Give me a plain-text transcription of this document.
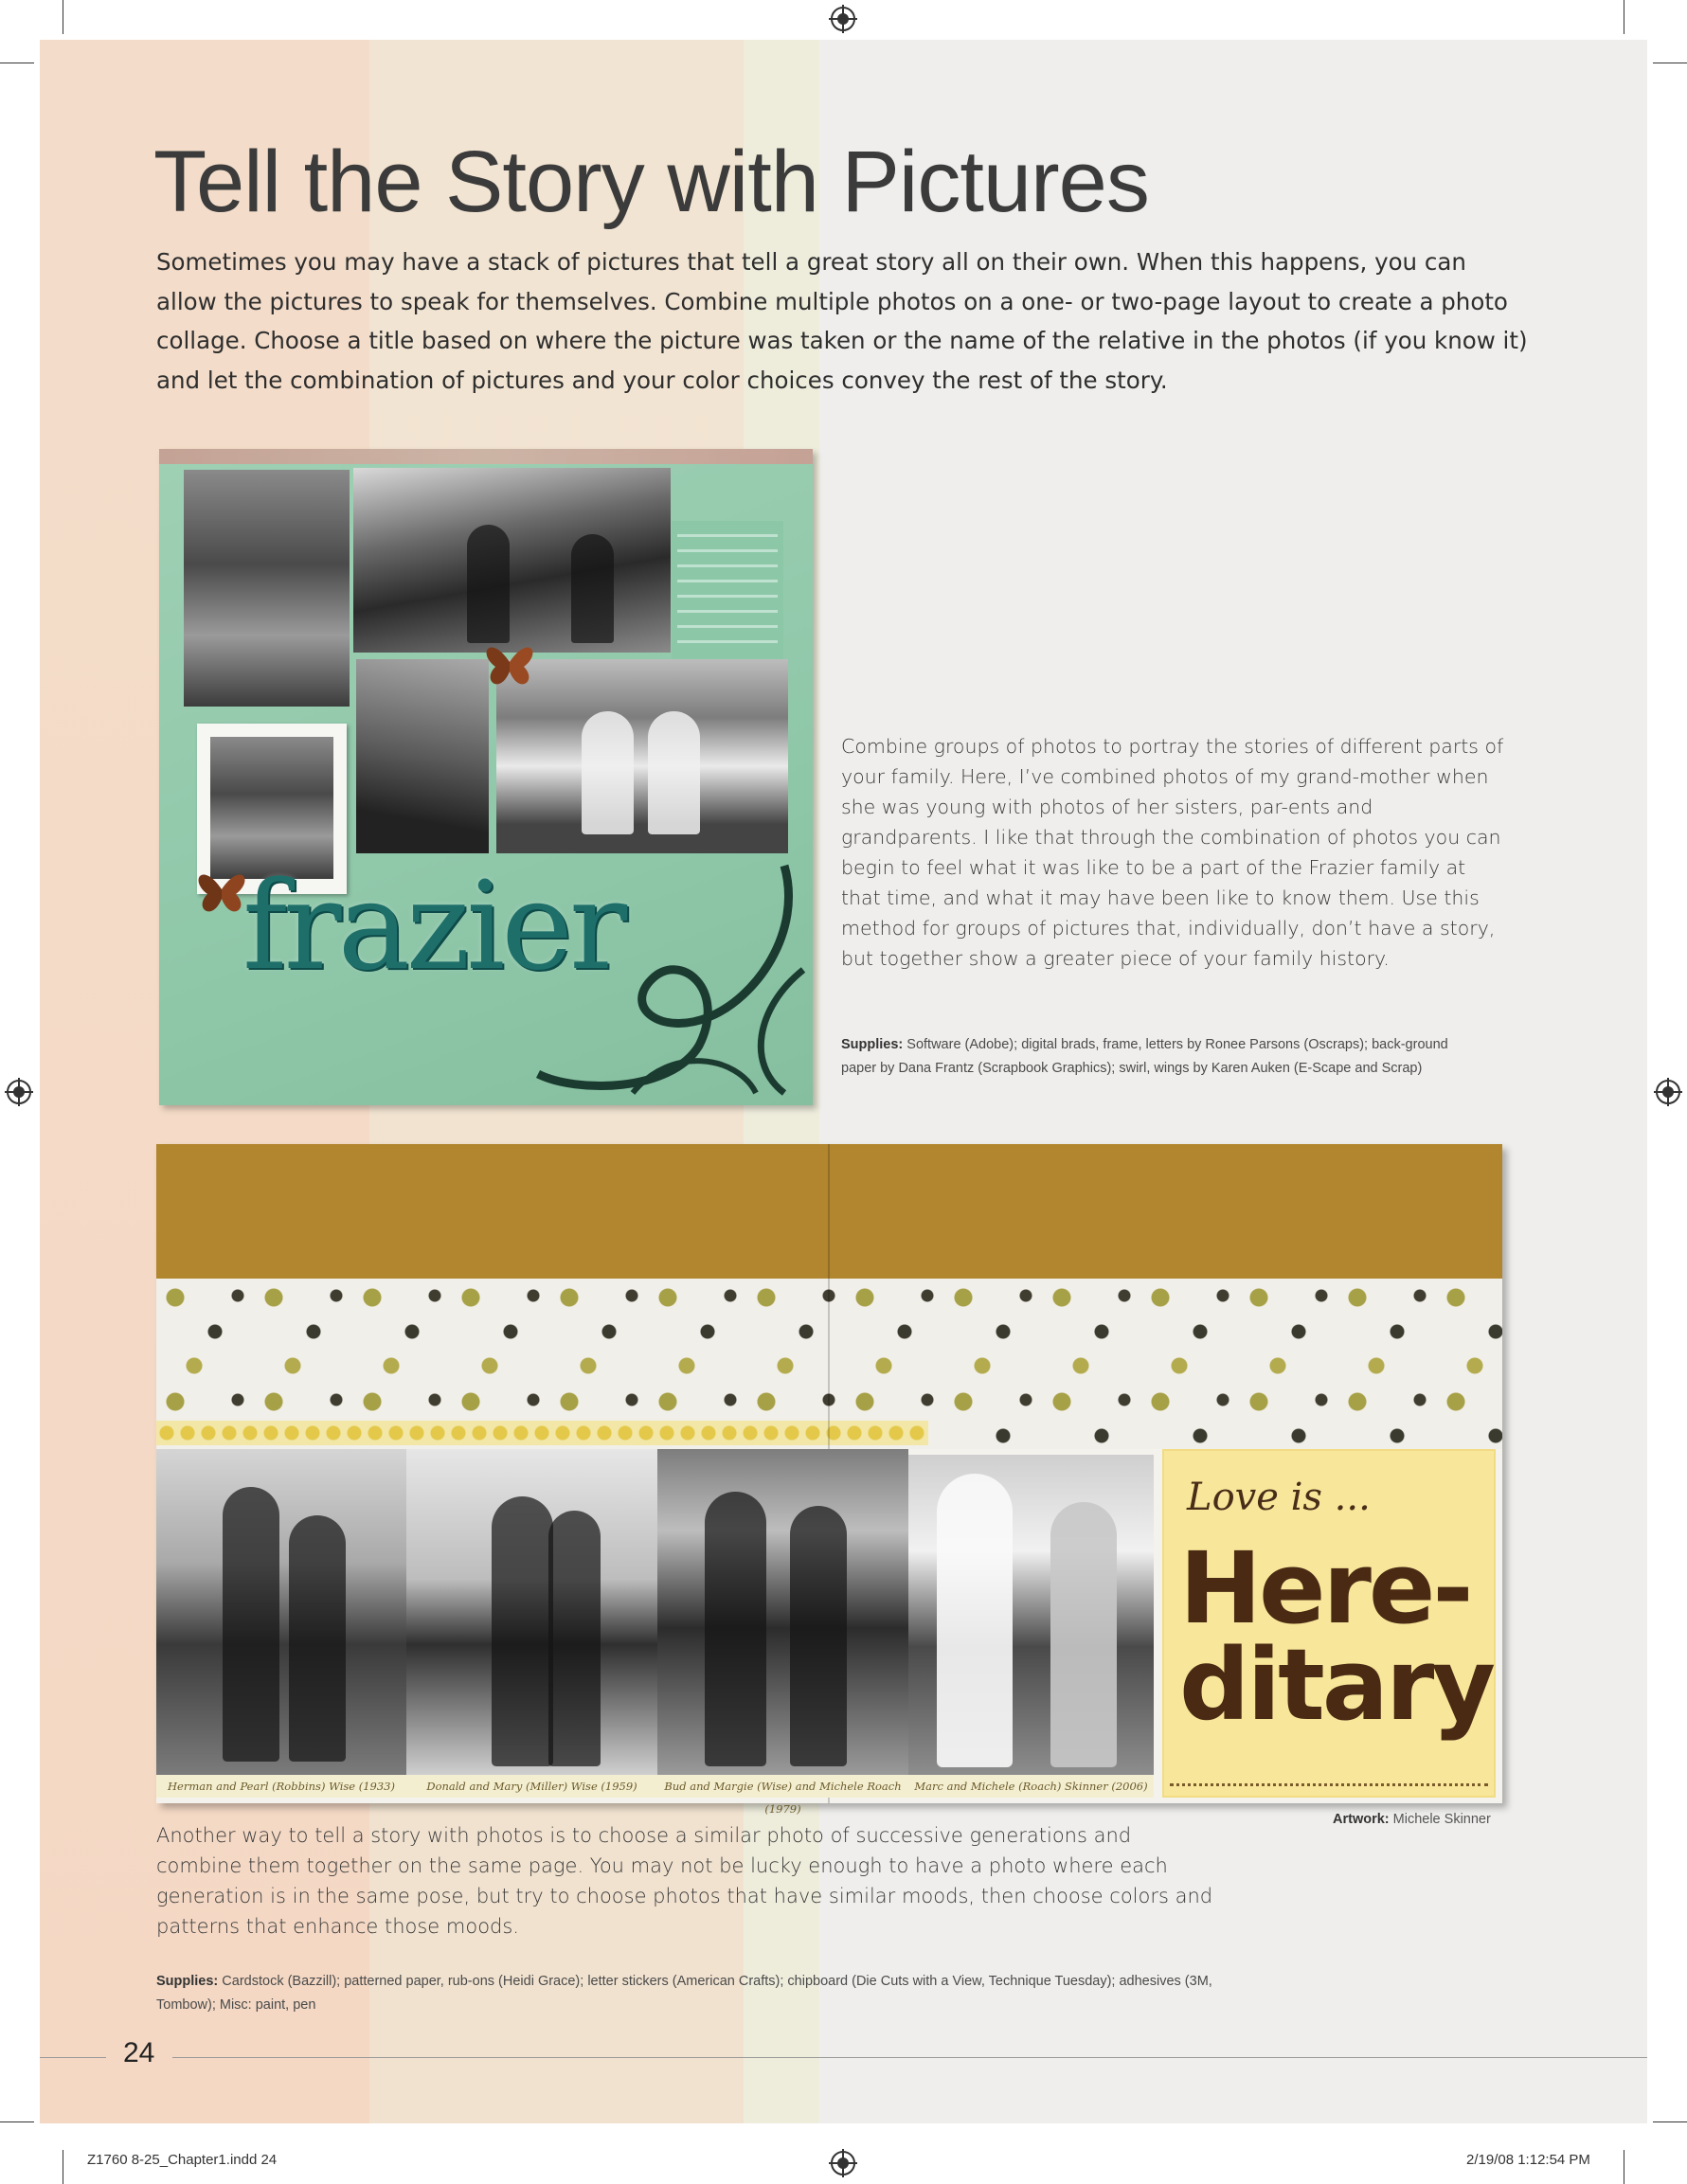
Tell the Story with Pictures

Sometimes you may have a stack of pictures that tell a great story all on their own. When this happens, you can allow the pictures to speak for themselves. Combine multiple photos on a one- or two-page layout to create a photo collage. Choose a title based on where the picture was taken or the name of the relative in the photos (if you know it) and let the combination of pictures and your color choices convey the rest of the story.

frazier

Combine groups of photos to portray the stories of different parts of your family. Here, I’ve combined photos of my grand-mother when she was young with photos of her sisters, par-ents and grandparents. I like that through the combination of photos you can begin to feel what it was like to be a part of the Frazier family at that time, and what it may have been like to know them. Use this method for groups of pictures that, individually, don’t have a story, but together show a greater piece of your family history.

Supplies: Software (Adobe); digital brads, frame, letters by Ronee Parsons (Oscraps); back-ground paper by Dana Frantz (Scrapbook Graphics); swirl, wings by Karen Auken (E-Scape and Scrap)

Herman and Pearl (Robbins) Wise (1933)	Donald and Mary (Miller) Wise (1959)	Bud and Margie (Wise) and Michele Roach (1979)
Marc and Michele (Roach) Skinner (2006)
Love is ...
Here-
ditary
Artwork: Michele Skinner

Another way to tell a story with photos is to choose a similar photo of successive generations and combine them together on the same page. You may not be lucky enough to have a photo where each generation is in the same pose, but try to choose photos that have similar moods, then choose colors and patterns that enhance those moods.

Supplies: Cardstock (Bazzill); patterned paper, rub-ons (Heidi Grace); letter stickers (American Crafts); chipboard (Die Cuts with a View, Technique Tuesday); adhesives (3M, Tombow); Misc: paint, pen

24
Z1760 8-25_Chapter1.indd 24	2/19/08 1:12:54 PM
